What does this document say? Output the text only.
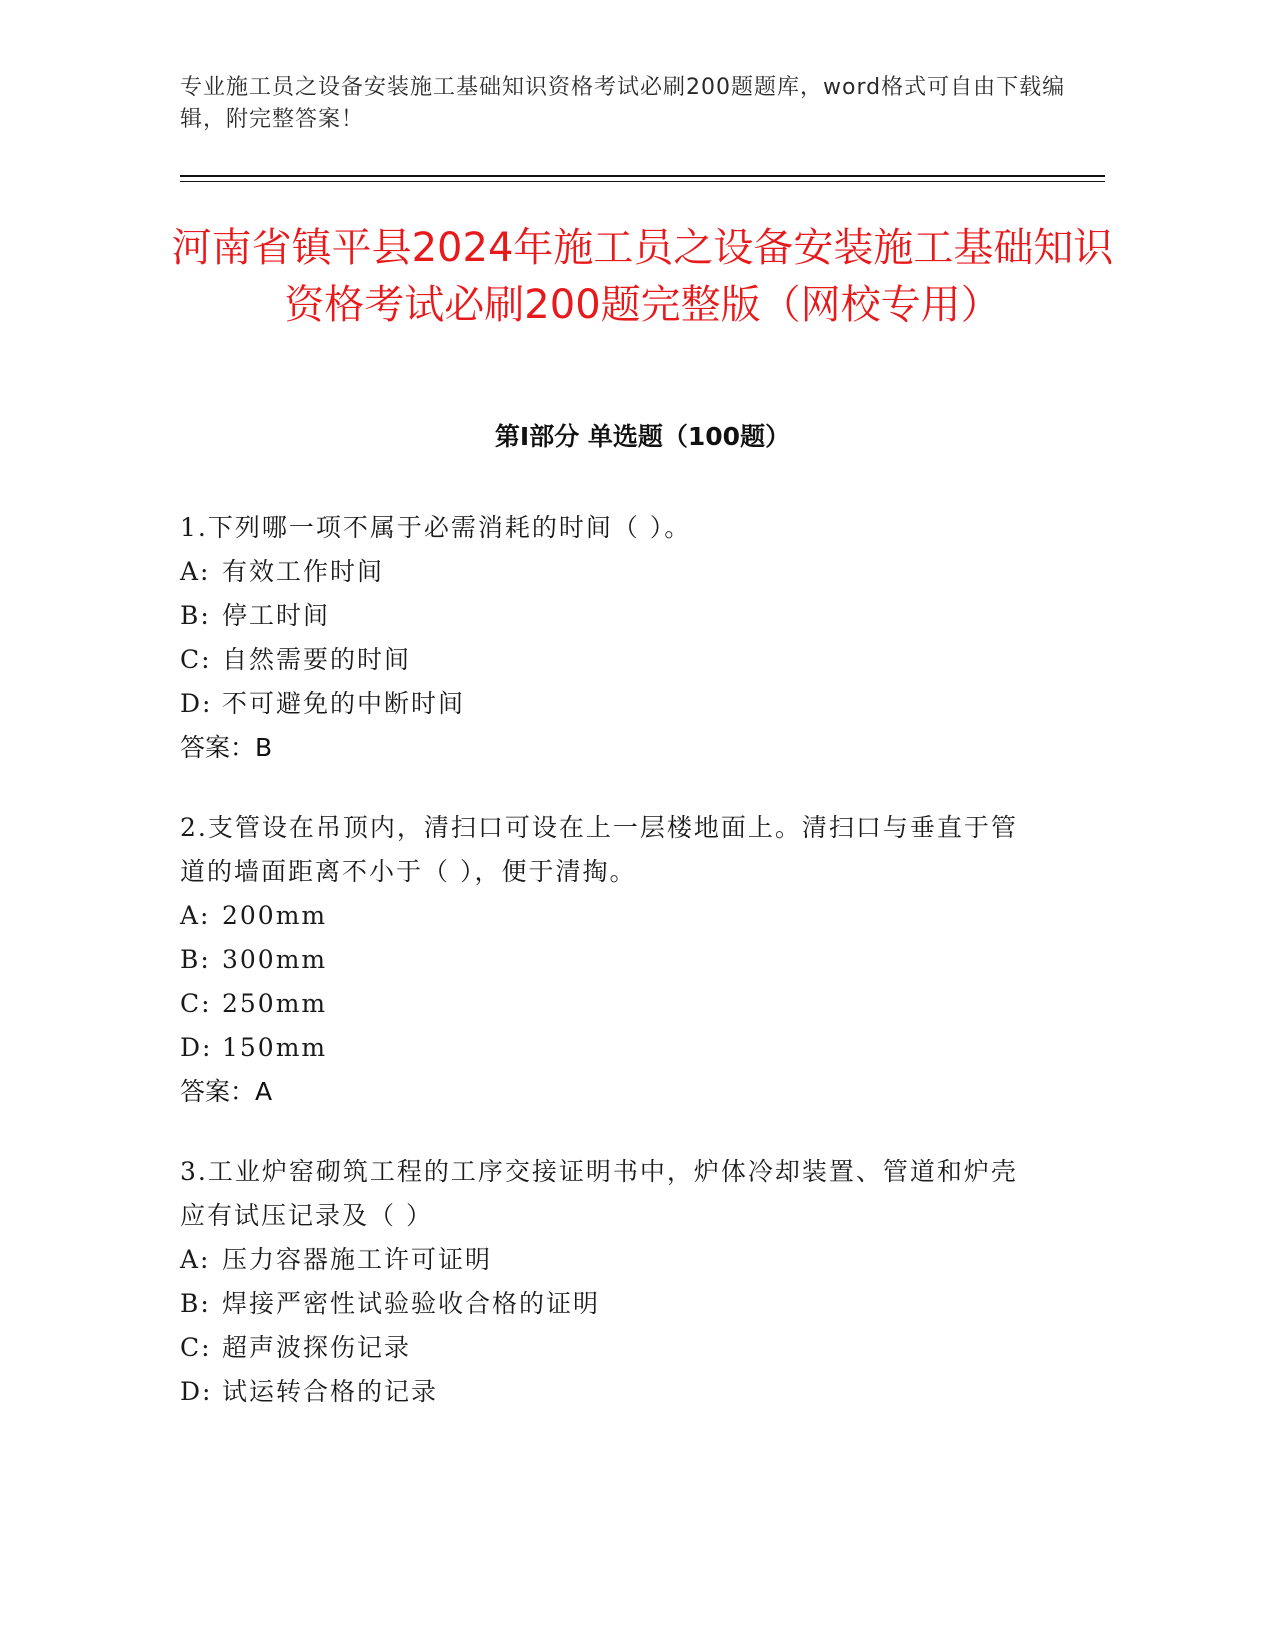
专业施工员之设备安装施工基础知识资格考试必刷200题题库，word格式可自由下载编辑，附完整答案！
河南省镇平县2024年施工员之设备安装施工基础知识资格考试必刷200题完整版（网校专用）
第Ⅰ部分 单选题（100题）
1.下列哪一项不属于必需消耗的时间（ ）。
A: 有效工作时间
B: 停工时间
C: 自然需要的时间
D: 不可避免的中断时间
答案：B
2.支管设在吊顶内，清扫口可设在上一层楼地面上。清扫口与垂直于管道的墙面距离不小于（ ），便于清掏。
A: 200mm
B: 300mm
C: 250mm
D: 150mm
答案：A
3.工业炉窑砌筑工程的工序交接证明书中，炉体冷却装置、管道和炉壳应有试压记录及（ ）
A: 压力容器施工许可证明
B: 焊接严密性试验验收合格的证明
C: 超声波探伤记录
D: 试运转合格的记录
